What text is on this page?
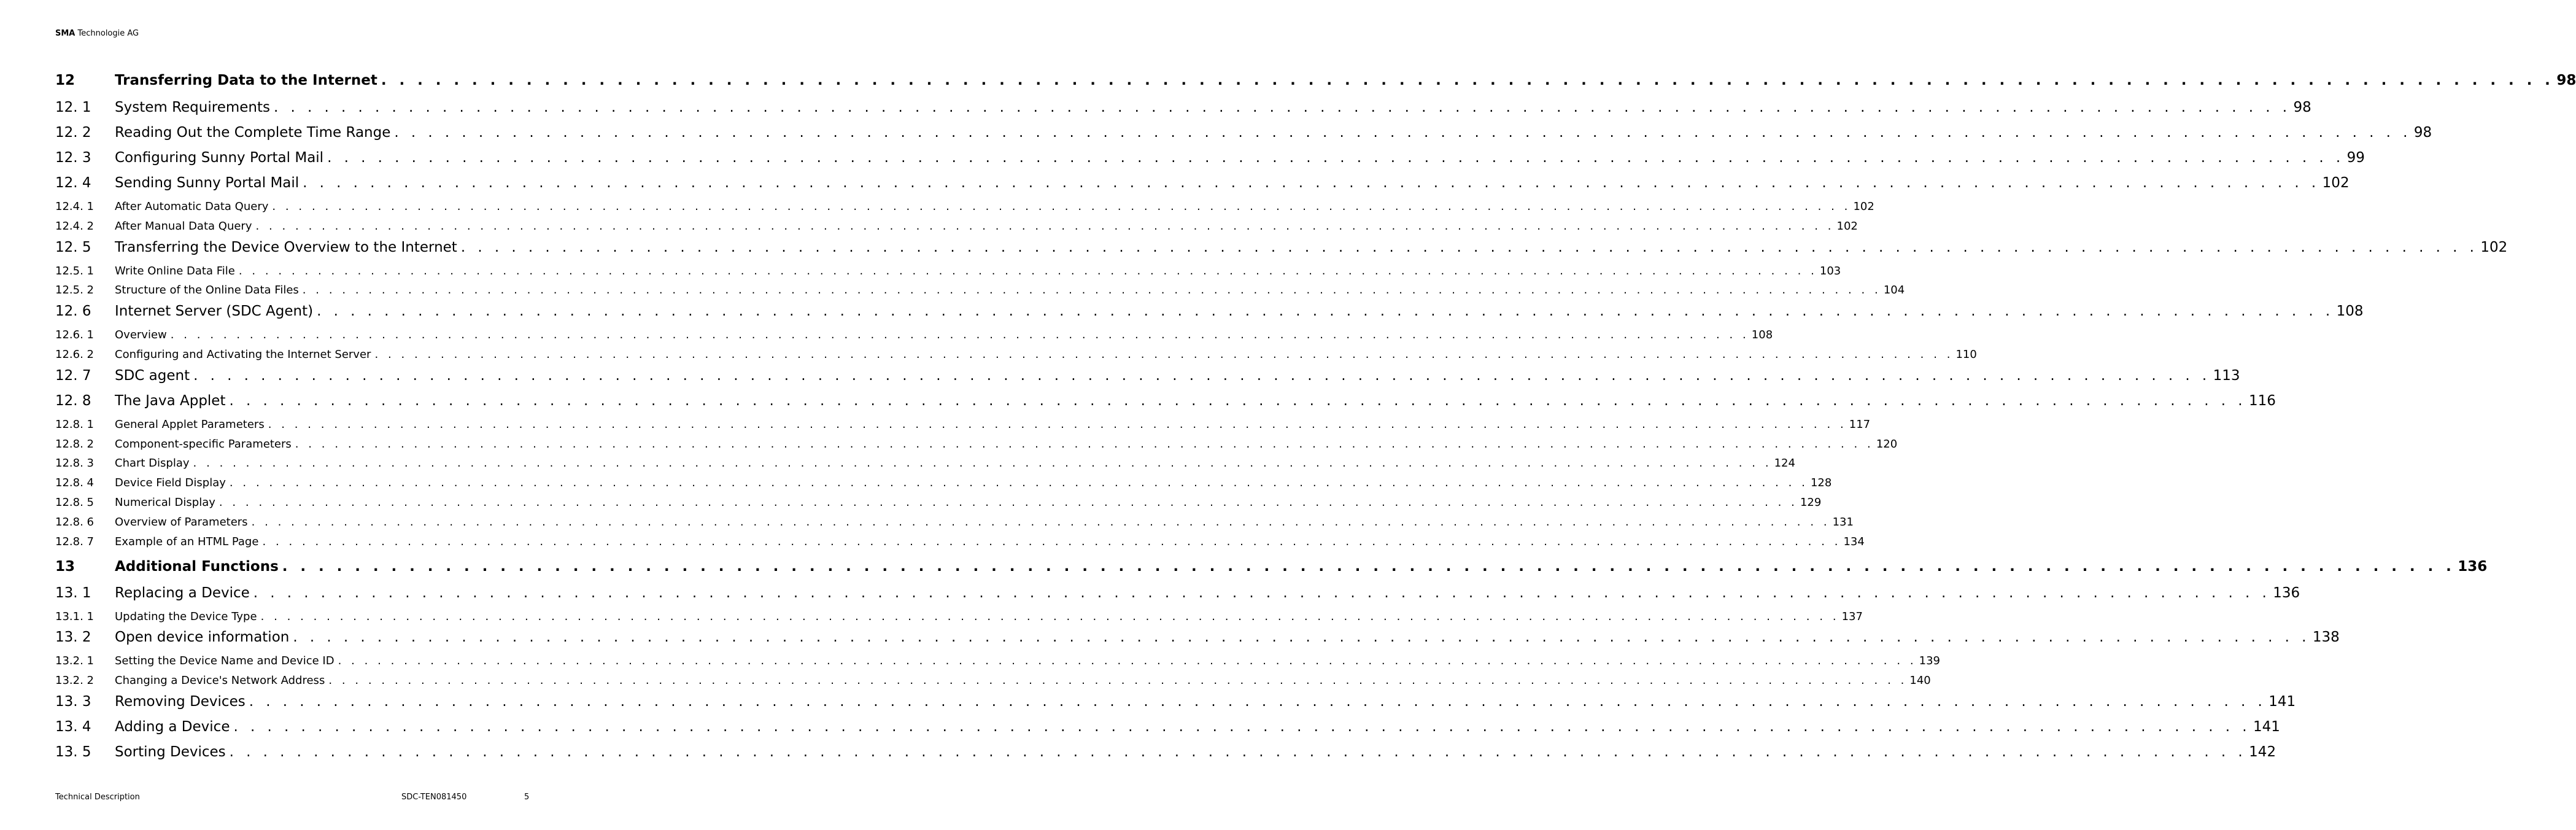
SMA Technologie AG
12	Transferring Data to the Internet . . . . . . . . . . . . . . . . . . . . . . . . . . . . . . . . . . . . . . . . . . . . . . . . . . . . . . . . . . . . . . . . . . . . . . . . . . . . . . . . . . . . . . . . . . . . . . . . . . . . . . . . . . . . . . . . . . . . . . . . 98
12. 1	System Requirements . . . . . . . . . . . . . . . . . . . . . . . . . . . . . . . . . . . . . . . . . . . . . . . . . . . . . . . . . . . . . . . . . . . . . . . . . . . . . . . . . . . . . . . . . . . . . . . . . . . . . . . . . . . . . . . . . . . . . . . . 98
12. 2	Reading Out the Complete Time Range . . . . . . . . . . . . . . . . . . . . . . . . . . . . . . . . . . . . . . . . . . . . . . . . . . . . . . . . . . . . . . . . . . . . . . . . . . . . . . . . . . . . . . . . . . . . . . . . . . . . . . . . . . . . . . . . . . . . . . . . 98
12. 3	Configuring Sunny Portal Mail . . . . . . . . . . . . . . . . . . . . . . . . . . . . . . . . . . . . . . . . . . . . . . . . . . . . . . . . . . . . . . . . . . . . . . . . . . . . . . . . . . . . . . . . . . . . . . . . . . . . . . . . . . . . . . . . . . . . . . . . 99
12. 4	Sending Sunny Portal Mail . . . . . . . . . . . . . . . . . . . . . . . . . . . . . . . . . . . . . . . . . . . . . . . . . . . . . . . . . . . . . . . . . . . . . . . . . . . . . . . . . . . . . . . . . . . . . . . . . . . . . . . . . . . . . . . . . . . . . . . . 102
12.4. 1	After Automatic Data Query . . . . . . . . . . . . . . . . . . . . . . . . . . . . . . . . . . . . . . . . . . . . . . . . . . . . . . . . . . . . . . . . . . . . . . . . . . . . . . . . . . . . . . . . . . . . . . . . . . . . . . . . . . . . . . . . . . . . . . . . 102
12.4. 2	After Manual Data Query . . . . . . . . . . . . . . . . . . . . . . . . . . . . . . . . . . . . . . . . . . . . . . . . . . . . . . . . . . . . . . . . . . . . . . . . . . . . . . . . . . . . . . . . . . . . . . . . . . . . . . . . . . . . . . . . . . . . . . . . 102
12. 5	Transferring the Device Overview to the Internet . . . . . . . . . . . . . . . . . . . . . . . . . . . . . . . . . . . . . . . . . . . . . . . . . . . . . . . . . . . . . . . . . . . . . . . . . . . . . . . . . . . . . . . . . . . . . . . . . . . . . . . . . . . . . . . . . . . . . . . . 102
12.5. 1	Write Online Data File . . . . . . . . . . . . . . . . . . . . . . . . . . . . . . . . . . . . . . . . . . . . . . . . . . . . . . . . . . . . . . . . . . . . . . . . . . . . . . . . . . . . . . . . . . . . . . . . . . . . . . . . . . . . . . . . . . . . . . . . 103
12.5. 2	Structure of the Online Data Files . . . . . . . . . . . . . . . . . . . . . . . . . . . . . . . . . . . . . . . . . . . . . . . . . . . . . . . . . . . . . . . . . . . . . . . . . . . . . . . . . . . . . . . . . . . . . . . . . . . . . . . . . . . . . . . . . . . . . . . . 104
12. 6	Internet Server (SDC Agent) . . . . . . . . . . . . . . . . . . . . . . . . . . . . . . . . . . . . . . . . . . . . . . . . . . . . . . . . . . . . . . . . . . . . . . . . . . . . . . . . . . . . . . . . . . . . . . . . . . . . . . . . . . . . . . . . . . . . . . . . 108
12.6. 1	Overview . . . . . . . . . . . . . . . . . . . . . . . . . . . . . . . . . . . . . . . . . . . . . . . . . . . . . . . . . . . . . . . . . . . . . . . . . . . . . . . . . . . . . . . . . . . . . . . . . . . . . . . . . . . . . . . . . . . . . . . . 108
12.6. 2	Configuring and Activating the Internet Server . . . . . . . . . . . . . . . . . . . . . . . . . . . . . . . . . . . . . . . . . . . . . . . . . . . . . . . . . . . . . . . . . . . . . . . . . . . . . . . . . . . . . . . . . . . . . . . . . . . . . . . . . . . . . . . . . . . . . . . . 110
12. 7	SDC agent . . . . . . . . . . . . . . . . . . . . . . . . . . . . . . . . . . . . . . . . . . . . . . . . . . . . . . . . . . . . . . . . . . . . . . . . . . . . . . . . . . . . . . . . . . . . . . . . . . . . . . . . . . . . . . . . . . . . . . . . 113
12. 8	The Java Applet . . . . . . . . . . . . . . . . . . . . . . . . . . . . . . . . . . . . . . . . . . . . . . . . . . . . . . . . . . . . . . . . . . . . . . . . . . . . . . . . . . . . . . . . . . . . . . . . . . . . . . . . . . . . . . . . . . . . . . . . 116
12.8. 1	General Applet Parameters . . . . . . . . . . . . . . . . . . . . . . . . . . . . . . . . . . . . . . . . . . . . . . . . . . . . . . . . . . . . . . . . . . . . . . . . . . . . . . . . . . . . . . . . . . . . . . . . . . . . . . . . . . . . . . . . . . . . . . . . 117
12.8. 2	Component-specific Parameters . . . . . . . . . . . . . . . . . . . . . . . . . . . . . . . . . . . . . . . . . . . . . . . . . . . . . . . . . . . . . . . . . . . . . . . . . . . . . . . . . . . . . . . . . . . . . . . . . . . . . . . . . . . . . . . . . . . . . . . . 120
12.8. 3	Chart Display . . . . . . . . . . . . . . . . . . . . . . . . . . . . . . . . . . . . . . . . . . . . . . . . . . . . . . . . . . . . . . . . . . . . . . . . . . . . . . . . . . . . . . . . . . . . . . . . . . . . . . . . . . . . . . . . . . . . . . . . 124
12.8. 4	Device Field Display . . . . . . . . . . . . . . . . . . . . . . . . . . . . . . . . . . . . . . . . . . . . . . . . . . . . . . . . . . . . . . . . . . . . . . . . . . . . . . . . . . . . . . . . . . . . . . . . . . . . . . . . . . . . . . . . . . . . . . . . 128
12.8. 5	Numerical Display . . . . . . . . . . . . . . . . . . . . . . . . . . . . . . . . . . . . . . . . . . . . . . . . . . . . . . . . . . . . . . . . . . . . . . . . . . . . . . . . . . . . . . . . . . . . . . . . . . . . . . . . . . . . . . . . . . . . . . . . 129
12.8. 6	Overview of Parameters . . . . . . . . . . . . . . . . . . . . . . . . . . . . . . . . . . . . . . . . . . . . . . . . . . . . . . . . . . . . . . . . . . . . . . . . . . . . . . . . . . . . . . . . . . . . . . . . . . . . . . . . . . . . . . . . . . . . . . . . 131
12.8. 7	Example of an HTML Page . . . . . . . . . . . . . . . . . . . . . . . . . . . . . . . . . . . . . . . . . . . . . . . . . . . . . . . . . . . . . . . . . . . . . . . . . . . . . . . . . . . . . . . . . . . . . . . . . . . . . . . . . . . . . . . . . . . . . . . . 134
13	Additional Functions . . . . . . . . . . . . . . . . . . . . . . . . . . . . . . . . . . . . . . . . . . . . . . . . . . . . . . . . . . . . . . . . . . . . . . . . . . . . . . . . . . . . . . . . . . . . . . . . . . . . . . . . . . . . . . . . . . . . . . . . 136
13. 1	Replacing a Device . . . . . . . . . . . . . . . . . . . . . . . . . . . . . . . . . . . . . . . . . . . . . . . . . . . . . . . . . . . . . . . . . . . . . . . . . . . . . . . . . . . . . . . . . . . . . . . . . . . . . . . . . . . . . . . . . . . . . . . . 136
13.1. 1	Updating the Device Type . . . . . . . . . . . . . . . . . . . . . . . . . . . . . . . . . . . . . . . . . . . . . . . . . . . . . . . . . . . . . . . . . . . . . . . . . . . . . . . . . . . . . . . . . . . . . . . . . . . . . . . . . . . . . . . . . . . . . . . . 137
13. 2	Open device information . . . . . . . . . . . . . . . . . . . . . . . . . . . . . . . . . . . . . . . . . . . . . . . . . . . . . . . . . . . . . . . . . . . . . . . . . . . . . . . . . . . . . . . . . . . . . . . . . . . . . . . . . . . . . . . . . . . . . . . . 138
13.2. 1	Setting the Device Name and Device ID . . . . . . . . . . . . . . . . . . . . . . . . . . . . . . . . . . . . . . . . . . . . . . . . . . . . . . . . . . . . . . . . . . . . . . . . . . . . . . . . . . . . . . . . . . . . . . . . . . . . . . . . . . . . . . . . . . . . . . . . 139
13.2. 2	Changing a Device's Network Address . . . . . . . . . . . . . . . . . . . . . . . . . . . . . . . . . . . . . . . . . . . . . . . . . . . . . . . . . . . . . . . . . . . . . . . . . . . . . . . . . . . . . . . . . . . . . . . . . . . . . . . . . . . . . . . . . . . . . . . . 140
13. 3	Removing Devices . . . . . . . . . . . . . . . . . . . . . . . . . . . . . . . . . . . . . . . . . . . . . . . . . . . . . . . . . . . . . . . . . . . . . . . . . . . . . . . . . . . . . . . . . . . . . . . . . . . . . . . . . . . . . . . . . . . . . . . . 141
13. 4	Adding a Device . . . . . . . . . . . . . . . . . . . . . . . . . . . . . . . . . . . . . . . . . . . . . . . . . . . . . . . . . . . . . . . . . . . . . . . . . . . . . . . . . . . . . . . . . . . . . . . . . . . . . . . . . . . . . . . . . . . . . . . . 141
13. 5	Sorting Devices . . . . . . . . . . . . . . . . . . . . . . . . . . . . . . . . . . . . . . . . . . . . . . . . . . . . . . . . . . . . . . . . . . . . . . . . . . . . . . . . . . . . . . . . . . . . . . . . . . . . . . . . . . . . . . . . . . . . . . . . 142
Technical Description	SDC-TEN081450	5
